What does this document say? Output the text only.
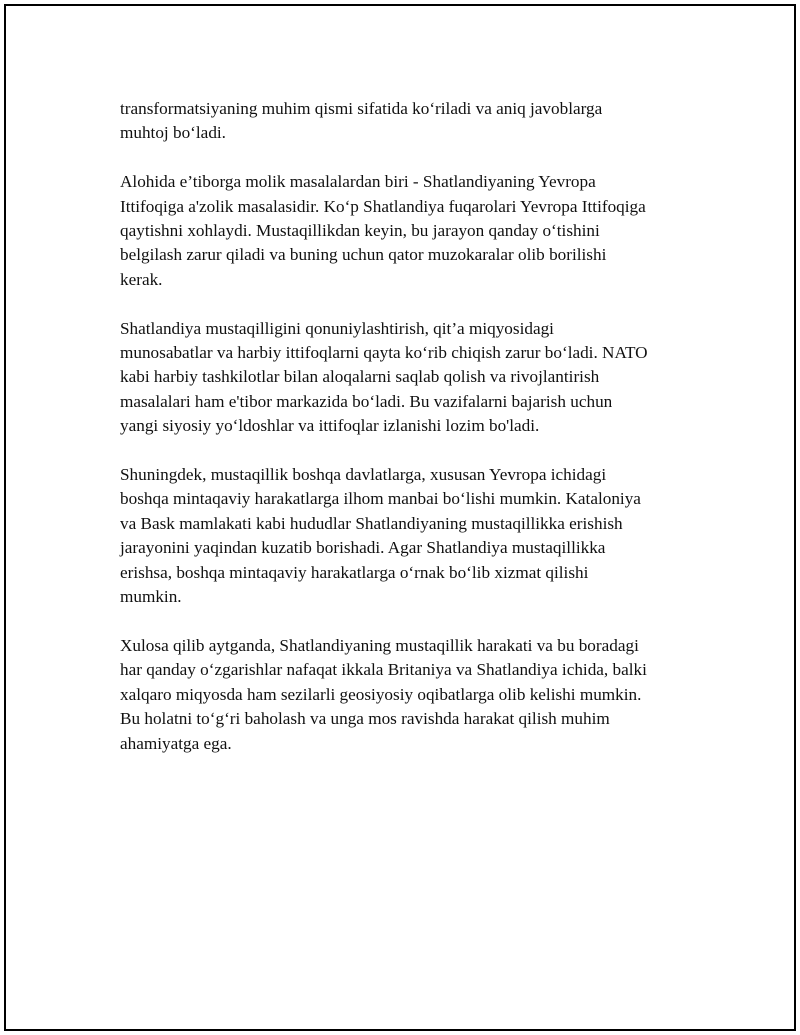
transformatsiyaning muhim qismi sifatida koʻriladi va aniq javoblarga
muhtoj boʻladi.

Alohida e’tiborga molik masalalardan biri - Shatlandiyaning Yevropa
Ittifoqiga a'zolik masalasidir. Koʻp Shatlandiya fuqarolari Yevropa Ittifoqiga
qaytishni xohlaydi. Mustaqillikdan keyin, bu jarayon qanday oʻtishini
belgilash zarur qiladi va buning uchun qator muzokaralar olib borilishi
kerak.

Shatlandiya mustaqilligini qonuniylashtirish, qit’a miqyosidagi
munosabatlar va harbiy ittifoqlarni qayta koʻrib chiqish zarur boʻladi. NATO
kabi harbiy tashkilotlar bilan aloqalarni saqlab qolish va rivojlantirish
masalalari ham e'tibor markazida boʻladi. Bu vazifalarni bajarish uchun
yangi siyosiy yoʻldoshlar va ittifoqlar izlanishi lozim bo'ladi.

Shuningdek, mustaqillik boshqa davlatlarga, xususan Yevropa ichidagi
boshqa mintaqaviy harakatlarga ilhom manbai boʻlishi mumkin. Kataloniya
va Bask mamlakati kabi hududlar Shatlandiyaning mustaqillikka erishish
jarayonini yaqindan kuzatib borishadi. Agar Shatlandiya mustaqillikka
erishsa, boshqa mintaqaviy harakatlarga oʻrnak boʻlib xizmat qilishi
mumkin.

Xulosa qilib aytganda, Shatlandiyaning mustaqillik harakati va bu boradagi
har qanday oʻzgarishlar nafaqat ikkala Britaniya va Shatlandiya ichida, balki
xalqaro miqyosda ham sezilarli geosiyosiy oqibatlarga olib kelishi mumkin.
Bu holatni toʻgʻri baholash va unga mos ravishda harakat qilish muhim
ahamiyatga ega.
